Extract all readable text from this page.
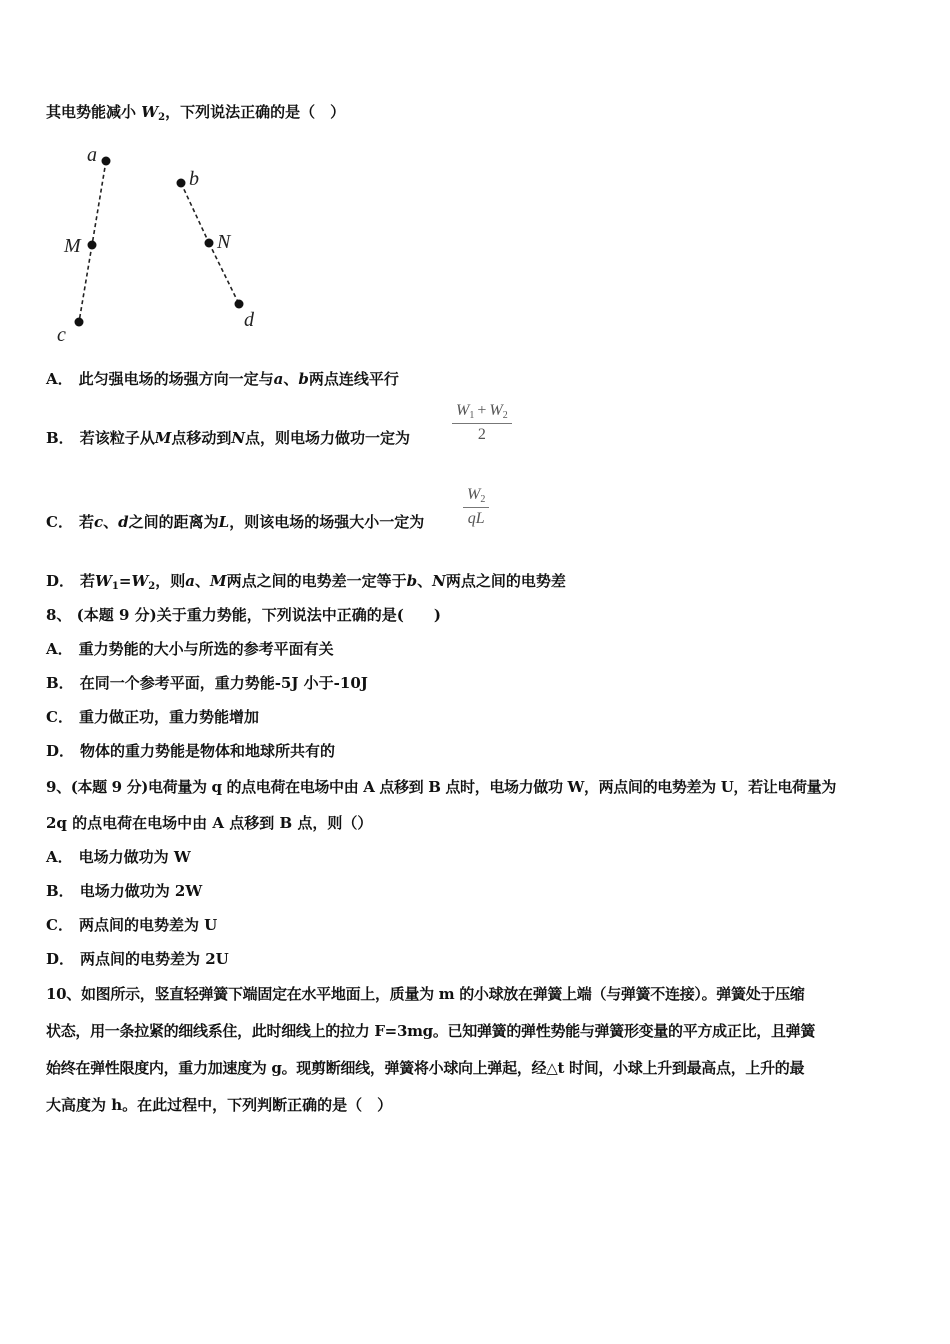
其电势能减小 $W_2$，下列说法正确的是（　）
a
M
c
b
N
d
A． 此匀强电场的场强方向一定与a、b两点连线平行
B． 若该粒子从M点移动到N点，则电场力做功一定为	$\frac{W1 + W2}{2}$
C． 若c、d之间的距离为L，则该电场的场强大小一定为 $\frac{W2}{qL}$
D． 若$W_1=W_2$，则a、M两点之间的电势差一定等于b、N两点之间的电势差
8、 (本题 9 分)关于重力势能，下列说法中正确的是(　　)
A． 重力势能的大小与所选的参考平面有关
B． 在同一个参考平面，重力势能-5J 小于-10J
C． 重力做正功，重力势能增加
D． 物体的重力势能是物体和地球所共有的
9、(本题 9 分)电荷量为 q 的点电荷在电场中由 A 点移到 B 点时，电场力做功 W，两点间的电势差为 U，若让电荷量为
2q 的点电荷在电场中由 A 点移到 B 点，则（）
A． 电场力做功为 W
B． 电场力做功为 2W
C． 两点间的电势差为 U
D． 两点间的电势差为 2U
10、如图所示，竖直轻弹簧下端固定在水平地面上，质量为 m 的小球放在弹簧上端（与弹簧不连接）。弹簧处于压缩
状态，用一条拉紧的细线系住，此时细线上的拉力 F=3mg。已知弹簧的弹性势能与弹簧形变量的平方成正比，且弹簧
始终在弹性限度内，重力加速度为 g。现剪断细线，弹簧将小球向上弹起，经△t 时间，小球上升到最高点，上升的最
大高度为 h。在此过程中，下列判断正确的是（　）
